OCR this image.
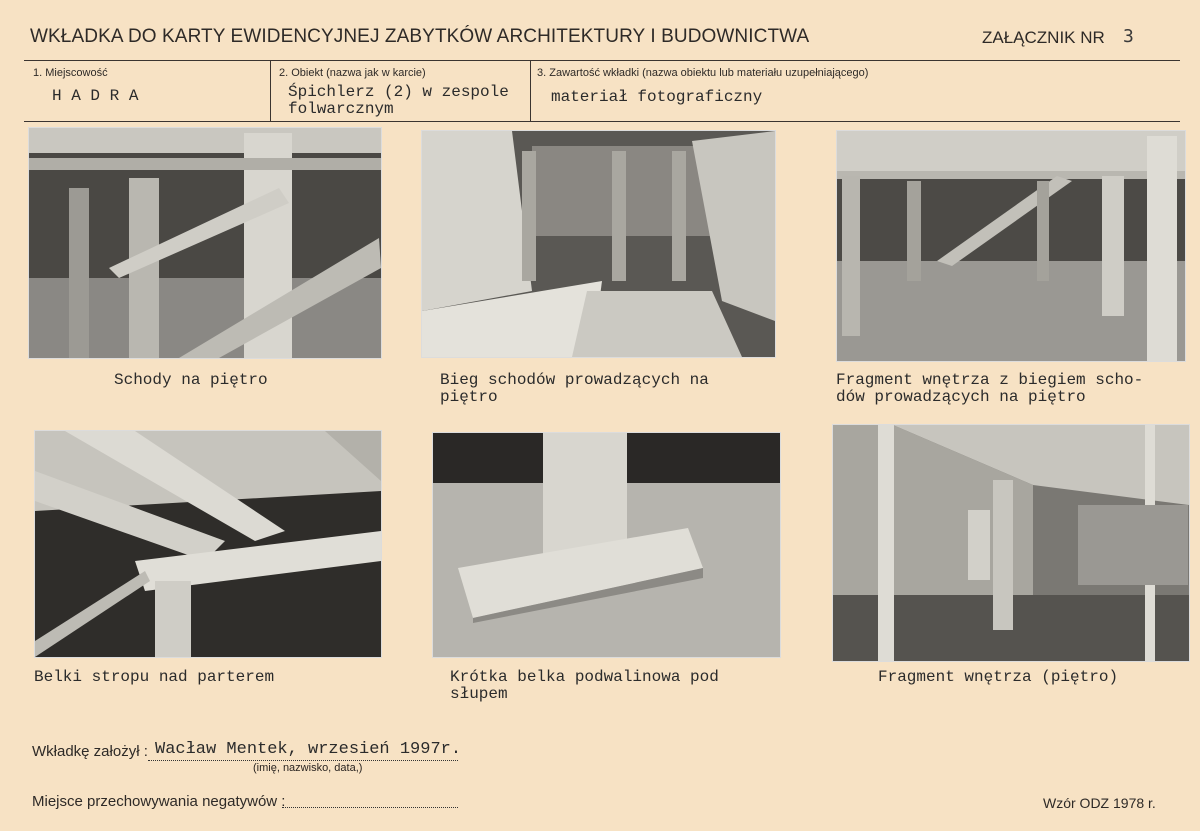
WKŁADKA DO KARTY EWIDENCYJNEJ ZABYTKÓW ARCHITEKTURY I BUDOWNICTWA	ZAŁĄCZNIK NR 3
1. Miejscowość
H A D R A
2. Obiekt (nazwa jak w karcie)
Śpichlerz (2) w zespole
folwarcznym
3. Zawartość wkładki (nazwa obiektu lub materiału uzupełniającego)
materiał fotograficzny
Schody na piętro	Bieg schodów prowadzących na
piętro
Fragment wnętrza z biegiem scho-
dów prowadzących na piętro
Belki stropu nad parterem	Krótka belka podwalinowa pod
słupem
Fragment wnętrza (piętro)
Wkładkę założył : Wacław Mentek, wrzesień 1997r.
(imię, nazwisko, data,)
Miejsce przechowywania negatywów :	Wzór ODZ 1978 r.
